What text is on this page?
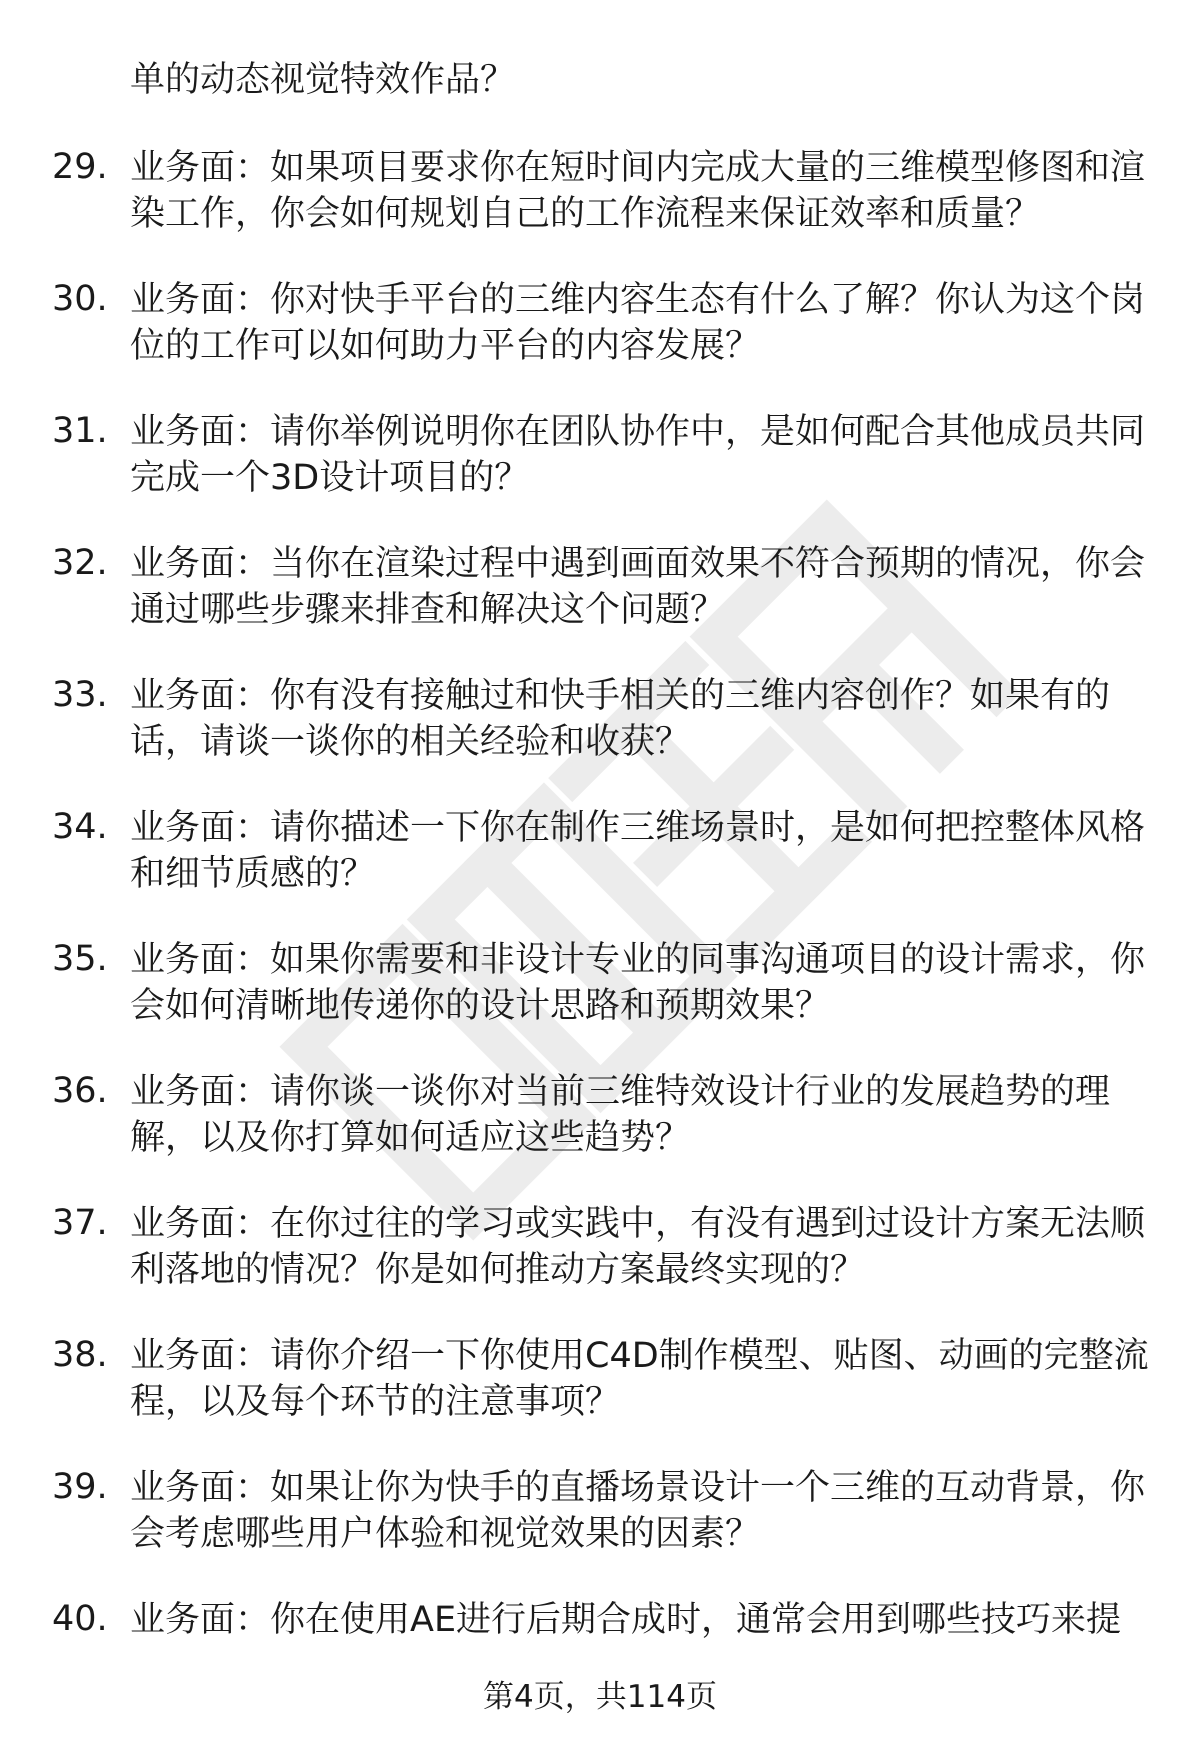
单的动态视觉特效作品？

29. 业务面：如果项目要求你在短时间内完成大量的三维模型修图和渲染工作，你会如何规划自己的工作流程来保证效率和质量？
30. 业务面：你对快手平台的三维内容生态有什么了解？你认为这个岗位的工作可以如何助力平台的内容发展？
31. 业务面：请你举例说明你在团队协作中，是如何配合其他成员共同完成一个3D设计项目的？
32. 业务面：当你在渲染过程中遇到画面效果不符合预期的情况，你会通过哪些步骤来排查和解决这个问题？
33. 业务面：你有没有接触过和快手相关的三维内容创作？如果有的话，请谈一谈你的相关经验和收获？
34. 业务面：请你描述一下你在制作三维场景时，是如何把控整体风格和细节质感的？
35. 业务面：如果你需要和非设计专业的同事沟通项目的设计需求，你会如何清晰地传递你的设计思路和预期效果？
36. 业务面：请你谈一谈你对当前三维特效设计行业的发展趋势的理解，以及你打算如何适应这些趋势？
37. 业务面：在你过往的学习或实践中，有没有遇到过设计方案无法顺利落地的情况？你是如何推动方案最终实现的？
38. 业务面：请你介绍一下你使用C4D制作模型、贴图、动画的完整流程，以及每个环节的注意事项？
39. 业务面：如果让你为快手的直播场景设计一个三维的互动背景，你会考虑哪些用户体验和视觉效果的因素？
40. 业务面：你在使用AE进行后期合成时，通常会用到哪些技巧来提
第4页，共114页
